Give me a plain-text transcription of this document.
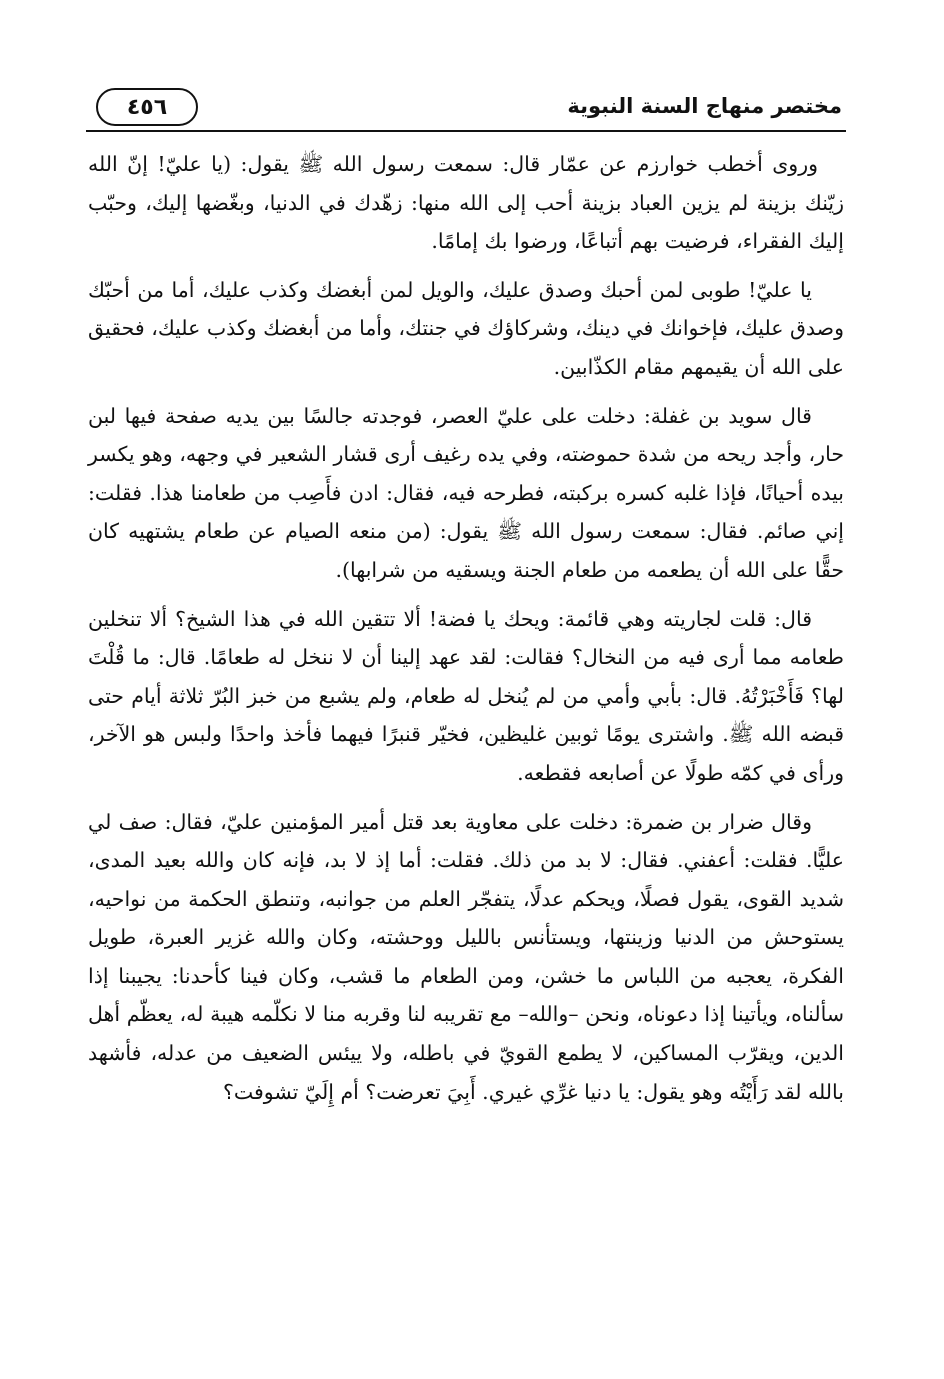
مختصر منهاج السنة النبوية
٤٥٦

وروى أخطب خوارزم عن عمّار قال: سمعت رسول الله ﷺ يقول: (يا عليّ! إنّ الله زيّنك بزينة لم يزين العباد بزينة أحب إلى الله منها: زهّدك في الدنيا، وبغّضها إليك، وحبّب إليك الفقراء، فرضيت بهم أتباعًا، ورضوا بك إمامًا.

يا عليّ! طوبى لمن أحبك وصدق عليك، والويل لمن أبغضك وكذب عليك، أما من أحبّك وصدق عليك، فإخوانك في دينك، وشركاؤك في جنتك، وأما من أبغضك وكذب عليك، فحقيق على الله أن يقيمهم مقام الكذّابين.

قال سويد بن غفلة: دخلت على عليّ العصر، فوجدته جالسًا بين يديه صفحة فيها لبن حار، وأجد ريحه من شدة حموضته، وفي يده رغيف أرى قشار الشعير في وجهه، وهو يكسر بيده أحيانًا، فإذا غلبه كسره بركبته، فطرحه فيه، فقال: ادن فأَصِب من طعامنا هذا. فقلت: إني صائم. فقال: سمعت رسول الله ﷺ يقول: (من منعه الصيام عن طعام يشتهيه كان حقًّا على الله أن يطعمه من طعام الجنة ويسقيه من شرابها).

قال: قلت لجاريته وهي قائمة: ويحك يا فضة! ألا تتقين الله في هذا الشيخ؟ ألا تنخلين طعامه مما أرى فيه من النخال؟ فقالت: لقد عهد إلينا أن لا ننخل له طعامًا. قال: ما قُلْتَ لها؟ فَأَخْبَرْتُهُ. قال: بأبي وأمي من لم يُنخل له طعام، ولم يشبع من خبز البُرّ ثلاثة أيام حتى قبضه الله ﷺ. واشترى يومًا ثوبين غليظين، فخيّر قنبرًا فيهما فأخذ واحدًا ولبس هو الآخر، ورأى في كمّه طولًا عن أصابعه فقطعه.

وقال ضرار بن ضمرة: دخلت على معاوية بعد قتل أمير المؤمنين عليّ، فقال: صف لي عليًّا. فقلت: أعفني. فقال: لا بد من ذلك. فقلت: أما إذ لا بد، فإنه كان والله بعيد المدى، شديد القوى، يقول فصلًا، ويحكم عدلًا، يتفجّر العلم من جوانبه، وتنطق الحكمة من نواحيه، يستوحش من الدنيا وزينتها، ويستأنس بالليل ووحشته، وكان والله غزير العبرة، طويل الفكرة، يعجبه من اللباس ما خشن، ومن الطعام ما قشب، وكان فينا كأحدنا: يجيبنا إذا سألناه، ويأتينا إذا دعوناه، ونحن –والله– مع تقريبه لنا وقربه منا لا نكلّمه هيبة له، يعظّم أهل الدين، ويقرّب المساكين، لا يطمع القويّ في باطله، ولا ييئس الضعيف من عدله، فأشهد بالله لقد رَأَيْتُه وهو يقول: يا دنيا غرِّي غيري. أَبِيَ تعرضت؟ أم إِلَيّ تشوفت؟
